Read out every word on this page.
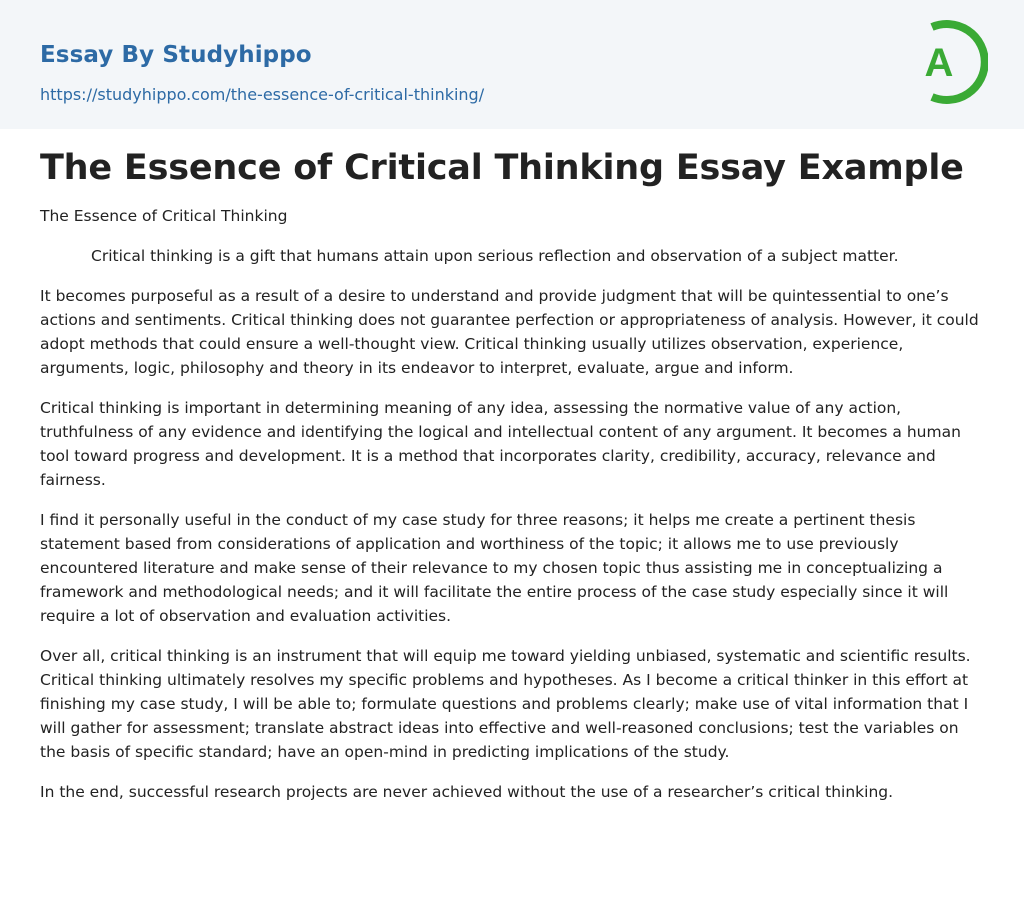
Essay By Studyhippo
https://studyhippo.com/the-essence-of-critical-thinking/
A
The Essence of Critical Thinking Essay Example
The Essence of Critical Thinking

Critical thinking is a gift that humans attain upon serious reflection and observation of a subject matter.

It becomes purposeful as a result of a desire to understand and provide judgment that will be quintessential to one’s actions and sentiments. Critical thinking does not guarantee perfection or appropriateness of analysis. However, it could adopt methods that could ensure a well-thought view. Critical thinking usually utilizes observation, experience, arguments, logic, philosophy and theory in its endeavor to interpret, evaluate, argue and inform.

Critical thinking is important in determining meaning of any idea, assessing the normative value of any action, truthfulness of any evidence and identifying the logical and intellectual content of any argument. It becomes a human tool toward progress and development. It is a method that incorporates clarity, credibility, accuracy, relevance and fairness.

I find it personally useful in the conduct of my case study for three reasons; it helps me create a pertinent thesis statement based from considerations of application and worthiness of the topic; it allows me to use previously encountered literature and make sense of their relevance to my chosen topic thus assisting me in conceptualizing a framework and methodological needs; and it will facilitate the entire process of the case study especially since it will require a lot of observation and evaluation activities.

Over all, critical thinking is an instrument that will equip me toward yielding unbiased, systematic and scientific results. Critical thinking ultimately resolves my specific problems and hypotheses. As I become a critical thinker in this effort at finishing my case study, I will be able to; formulate questions and problems clearly; make use of vital information that I will gather for assessment; translate abstract ideas into effective and well-reasoned conclusions; test the variables on the basis of specific standard; have an open-mind in predicting implications of the study.

In the end, successful research projects are never achieved without the use of a researcher’s critical thinking.
